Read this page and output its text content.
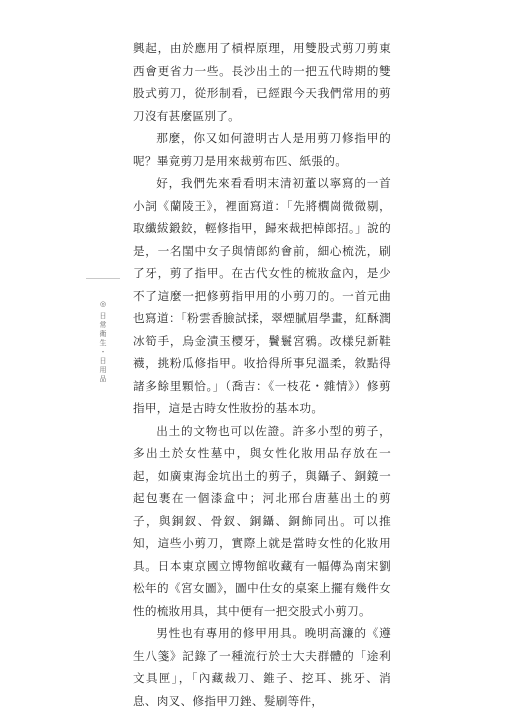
興起，由於應用了槓桿原理，用雙股式剪刀剪東西會更省力一些。長沙出土的一把五代時期的雙股式剪刀，從形制看，已經跟今天我們常用的剪刀沒有甚麼區別了。

那麼，你又如何證明古人是用剪刀修指甲的呢？畢竟剪刀是用來裁剪布匹、紙張的。

好，我們先來看看明末清初董以寧寫的一首小詞《蘭陵王》，裡面寫道：「先將櫚崗微微剔，取纖紱鍛鉸，輕修指甲，歸來裁把棹郎招。」說的是，一名閨中女子與情郎約會前，細心梳洗，刷了牙，剪了指甲。在古代女性的梳妝盒內，是少不了這麼一把修剪指甲用的小剪刀的。一首元曲也寫道：「粉雲香臉試揉，翠煙膩眉學畫，紅酥潤冰筍手，烏金漬玉樱牙，鬢鬟宮鴉。改樣兒新鞋襪，挑粉瓜修指甲。收拾得所事兒溫柔，敘點得諸多餘里顆恰。」（喬吉：《一枝花・雜情》）修剪指甲，這是古時女性妝扮的基本功。

出土的文物也可以佐證。許多小型的剪子，多出土於女性墓中，與女性化妝用品存放在一起，如廣東海金坑出土的剪子，與鑷子、銅鏡一起包裹在一個漆盒中；河北邢台唐墓出土的剪子，與銅釵、骨釵、銅鑷、銅飾同出。可以推知，這些小剪刀，實際上就是當時女性的化妝用具。日本東京國立博物館收藏有一幅傳為南宋劉松年的《宮女圖》，圖中仕女的桌案上擺有幾件女性的梳妝用具，其中便有一把交股式小剪刀。

男性也有專用的修甲用具。晚明高濂的《遵生八箋》記錄了一種流行於士大夫群體的「途利文具匣」，「內藏裁刀、錐子、挖耳、挑牙、消息、肉叉、修指甲刀銼、髮刷等件，

◎
日常衛生・日用品
